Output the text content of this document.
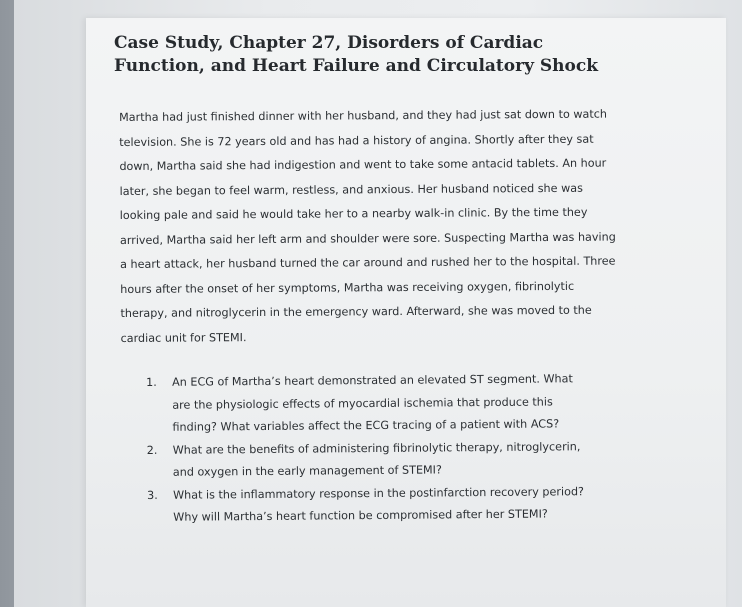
Case Study, Chapter 27, Disorders of Cardiac Function, and Heart Failure and Circulatory Shock

Martha had just finished dinner with her husband, and they had just sat down to watch television. She is 72 years old and has had a history of angina. Shortly after they sat down, Martha said she had indigestion and went to take some antacid tablets. An hour later, she began to feel warm, restless, and anxious. Her husband noticed she was looking pale and said he would take her to a nearby walk-in clinic. By the time they arrived, Martha said her left arm and shoulder were sore. Suspecting Martha was having a heart attack, her husband turned the car around and rushed her to the hospital. Three hours after the onset of her symptoms, Martha was receiving oxygen, fibrinolytic therapy, and nitroglycerin in the emergency ward. Afterward, she was moved to the cardiac unit for STEMI.

1. An ECG of Martha’s heart demonstrated an elevated ST segment. What are the physiologic effects of myocardial ischemia that produce this finding? What variables affect the ECG tracing of a patient with ACS?
2. What are the benefits of administering fibrinolytic therapy, nitroglycerin, and oxygen in the early management of STEMI?
3. What is the inflammatory response in the postinfarction recovery period? Why will Martha’s heart function be compromised after her STEMI?
